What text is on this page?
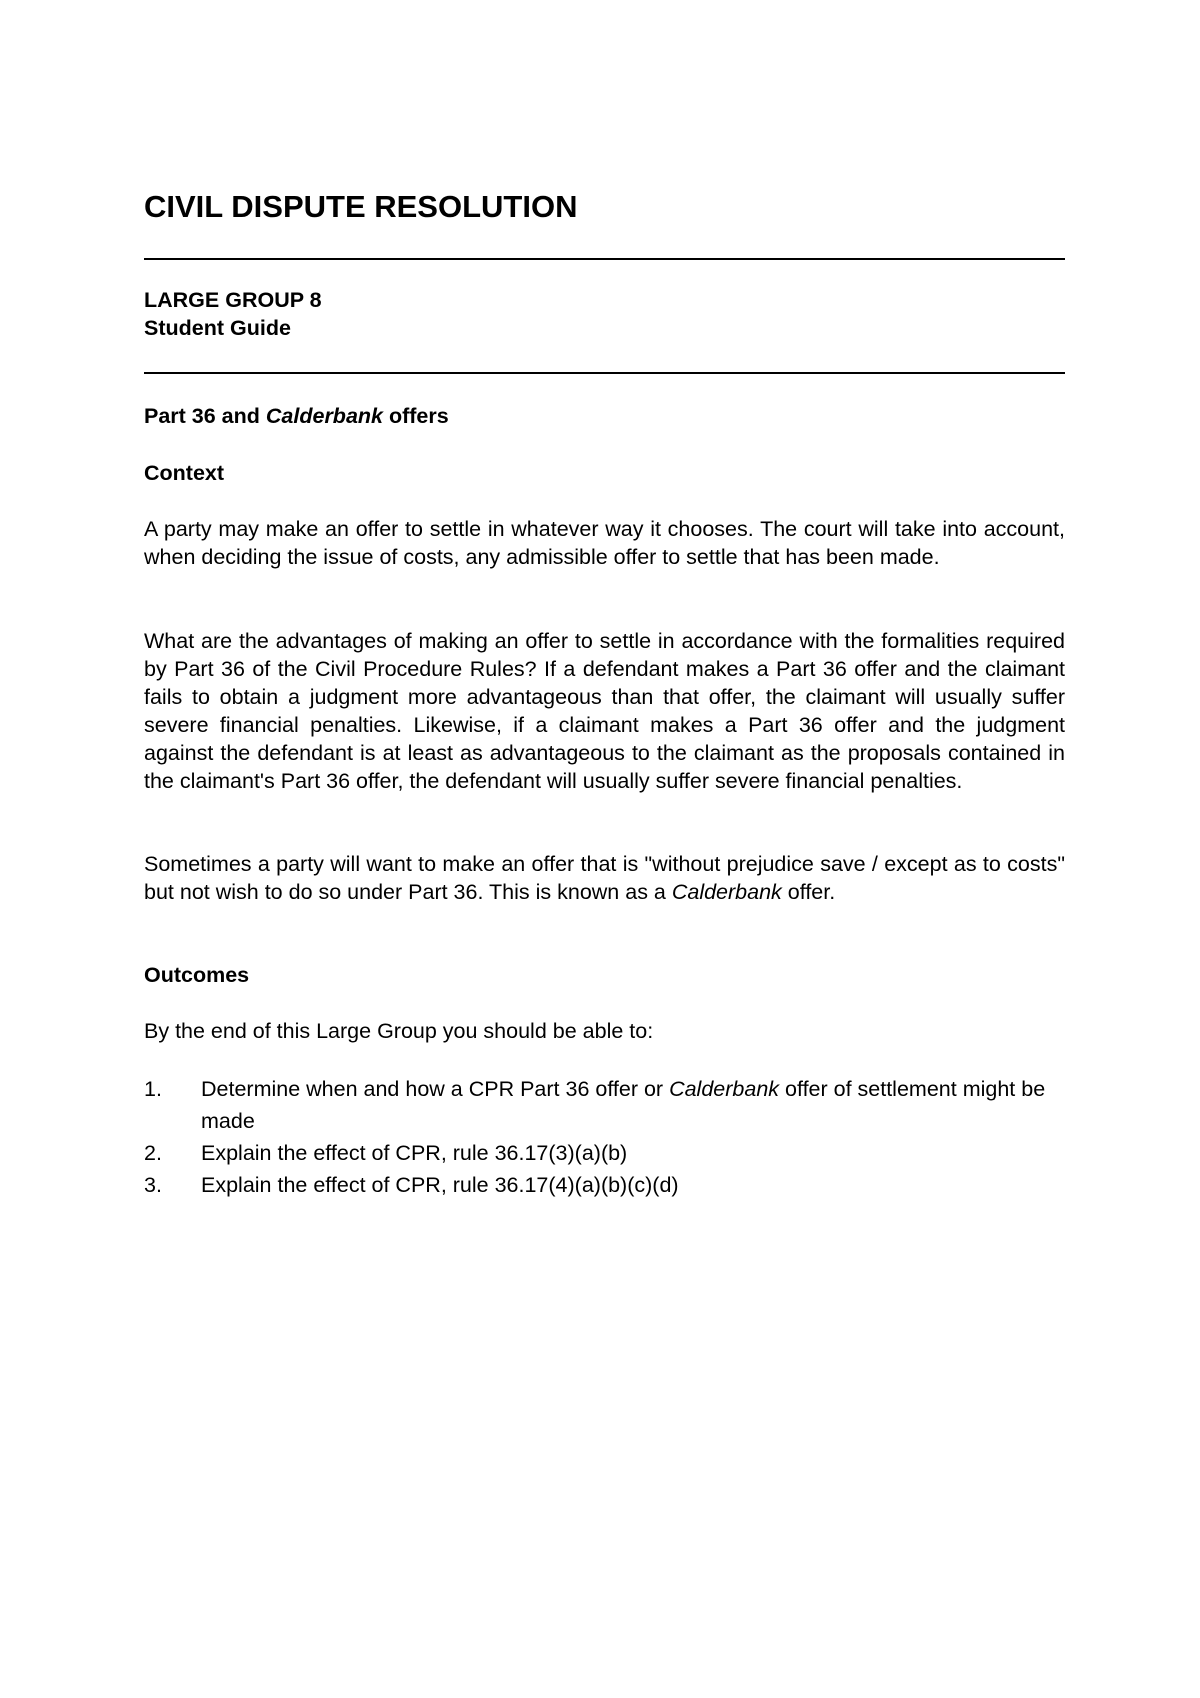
CIVIL DISPUTE RESOLUTION
LARGE GROUP 8
Student Guide
Part 36 and Calderbank offers
Context

A party may make an offer to settle in whatever way it chooses. The court will take into account, when deciding the issue of costs, any admissible offer to settle that has been made.

What are the advantages of making an offer to settle in accordance with the formalities required by Part 36 of the Civil Procedure Rules? If a defendant makes a Part 36 offer and the claimant fails to obtain a judgment more advantageous than that offer, the claimant will usually suffer severe financial penalties. Likewise, if a claimant makes a Part 36 offer and the judgment against the defendant is at least as advantageous to the claimant as the proposals contained in the claimant's Part 36 offer, the defendant will usually suffer severe financial penalties.

Sometimes a party will want to make an offer that is "without prejudice save / except as to costs" but not wish to do so under Part 36. This is known as a Calderbank offer.

Outcomes

By the end of this Large Group you should be able to:

1. Determine when and how a CPR Part 36 offer or Calderbank offer of settlement might be made
2. Explain the effect of CPR, rule 36.17(3)(a)(b)
3. Explain the effect of CPR, rule 36.17(4)(a)(b)(c)(d)
